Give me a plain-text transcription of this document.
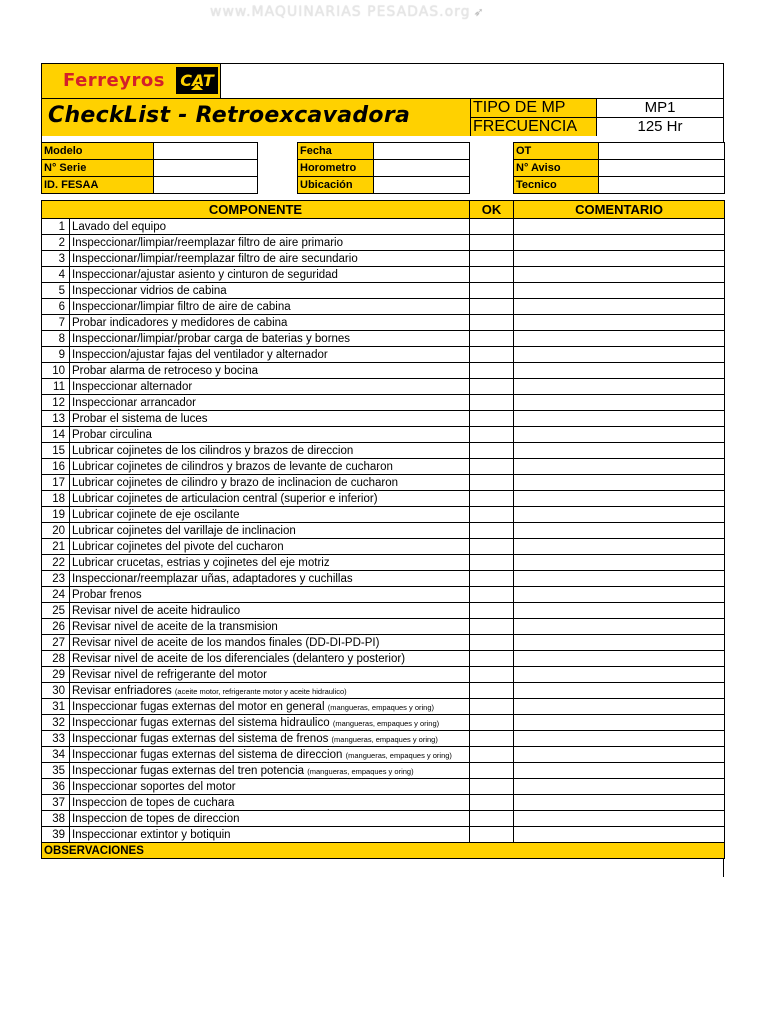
www.MAQUINARIAS PESADAS.org ➶
Ferreyros CAT
CheckList - Retroexcavadora	TIPO DE MP	MP1
FRECUENCIA	125 Hr
Modelo			Fecha			OT	
N° Serie			Horometro			N° Aviso	
ID. FESAA			Ubicación			Tecnico	
COMPONENTE		OK	COMENTARIO
1	Lavado del equipo		
2	Inspeccionar/limpiar/reemplazar filtro de aire primario		
3	Inspeccionar/limpiar/reemplazar filtro de aire secundario		
4	Inspeccionar/ajustar asiento y cinturon de seguridad		
5	Inspeccionar vidrios de cabina		
6	Inspeccionar/limpiar filtro de aire de cabina		
7	Probar indicadores y medidores de cabina		
8	Inspeccionar/limpiar/probar carga de baterias y bornes		
9	Inspeccion/ajustar fajas del ventilador y alternador		
10	Probar alarma de retroceso y bocina		
11	Inspeccionar alternador		
12	Inspeccionar arrancador		
13	Probar el sistema de luces		
14	Probar circulina		
15	Lubricar cojinetes de los cilindros y brazos de direccion		
16	Lubricar cojinetes de cilindros y brazos de levante de cucharon		
17	Lubricar cojinetes de cilindro y brazo de inclinacion de cucharon		
18	Lubricar cojinetes de articulacion central (superior e inferior)		
19	Lubricar cojinete de eje oscilante		
20	Lubricar cojinetes del varillaje de inclinacion		
21	Lubricar cojinetes del pivote del cucharon		
22	Lubricar crucetas, estrias y cojinetes del eje motriz		
23	Inspeccionar/reemplazar uñas, adaptadores y cuchillas		
24	Probar frenos		
25	Revisar nivel de aceite hidraulico		
26	Revisar nivel de aceite de la transmision		
27	Revisar nivel de aceite de los mandos finales (DD-DI-PD-PI)		
28	Revisar nivel de aceite de los diferenciales (delantero y posterior)		
29	Revisar nivel de refrigerante del motor		
30	Revisar enfriadores (aceite motor, refrigerante motor y aceite hidraulico)		
31	Inspeccionar fugas externas del motor en general (mangueras, empaques y oring)		
32	Inspeccionar fugas externas del sistema hidraulico (mangueras, empaques y oring)		
33	Inspeccionar fugas externas del sistema de frenos (mangueras, empaques y oring)		
34	Inspeccionar fugas externas del sistema de direccion (mangueras, empaques y oring)		
35	Inspeccionar fugas externas del tren potencia (mangueras, empaques y oring)		
36	Inspeccionar soportes del motor		
37	Inspeccion de topes de cuchara		
38	Inspeccion de topes de direccion		
39	Inspeccionar extintor y botiquin		
OBSERVACIONES			
